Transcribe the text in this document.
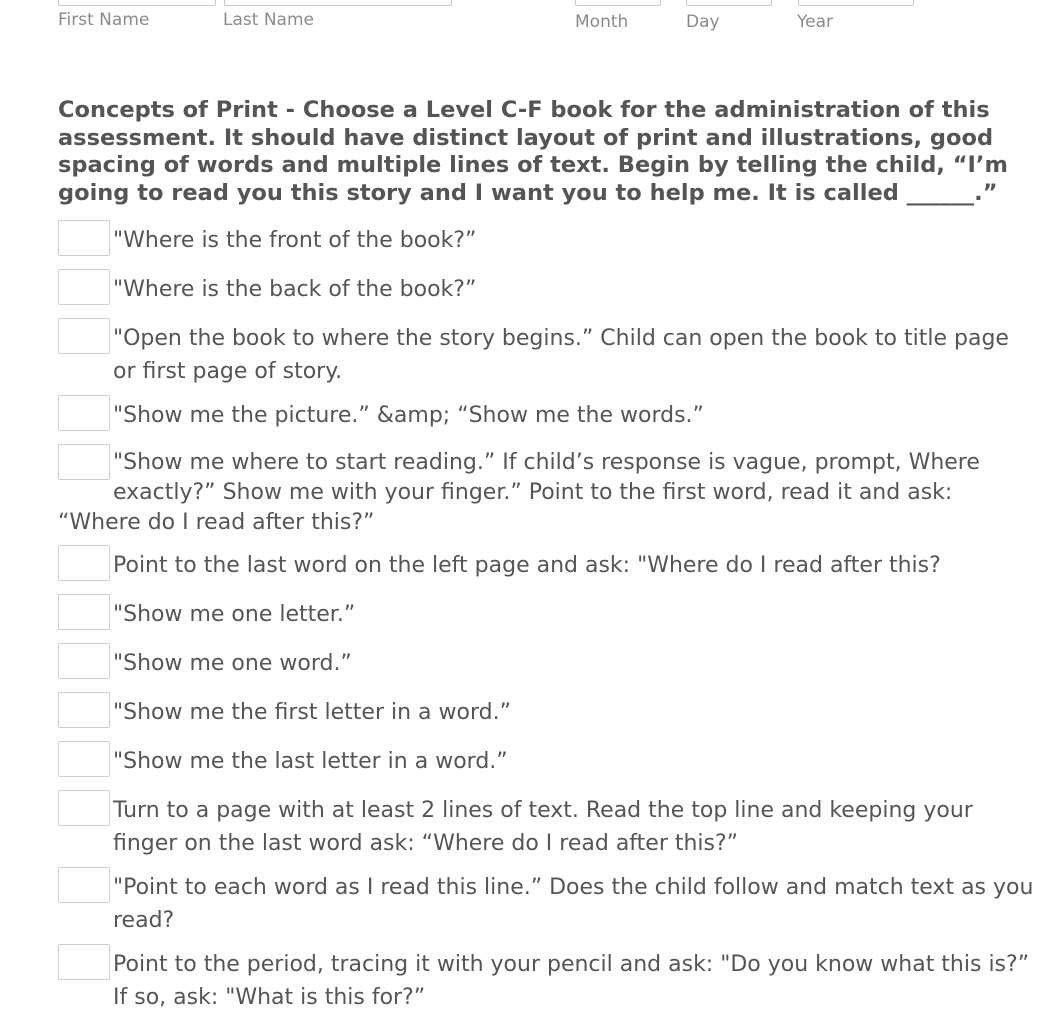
First Name	Last Name	Month	Day	Year

Concepts of Print - Choose a Level C-F book for the administration of this assessment. It should have distinct layout of print and illustrations, good spacing of words and multiple lines of text. Begin by telling the child, “I’m going to read you this story and I want you to help me. It is called ______.”

"Where is the front of the book?”

"Where is the back of the book?”

"Open the book to where the story begins.” Child can open the book to title page or first page of story.

"Show me the picture.” &amp; “Show me the words.”

"Show me where to start reading.” If child’s response is vague, prompt, Where exactly?” Show me with your finger.” Point to the first word, read it and ask: “Where do I read after this?”

Point to the last word on the left page and ask: "Where do I read after this?

"Show me one letter.”

"Show me one word.”

"Show me the first letter in a word.”

"Show me the last letter in a word.”

Turn to a page with at least 2 lines of text. Read the top line and keeping your finger on the last word ask: “Where do I read after this?”

"Point to each word as I read this line.” Does the child follow and match text as you read?

Point to the period, tracing it with your pencil and ask: "Do you know what this is?” If so, ask: "What is this for?”
